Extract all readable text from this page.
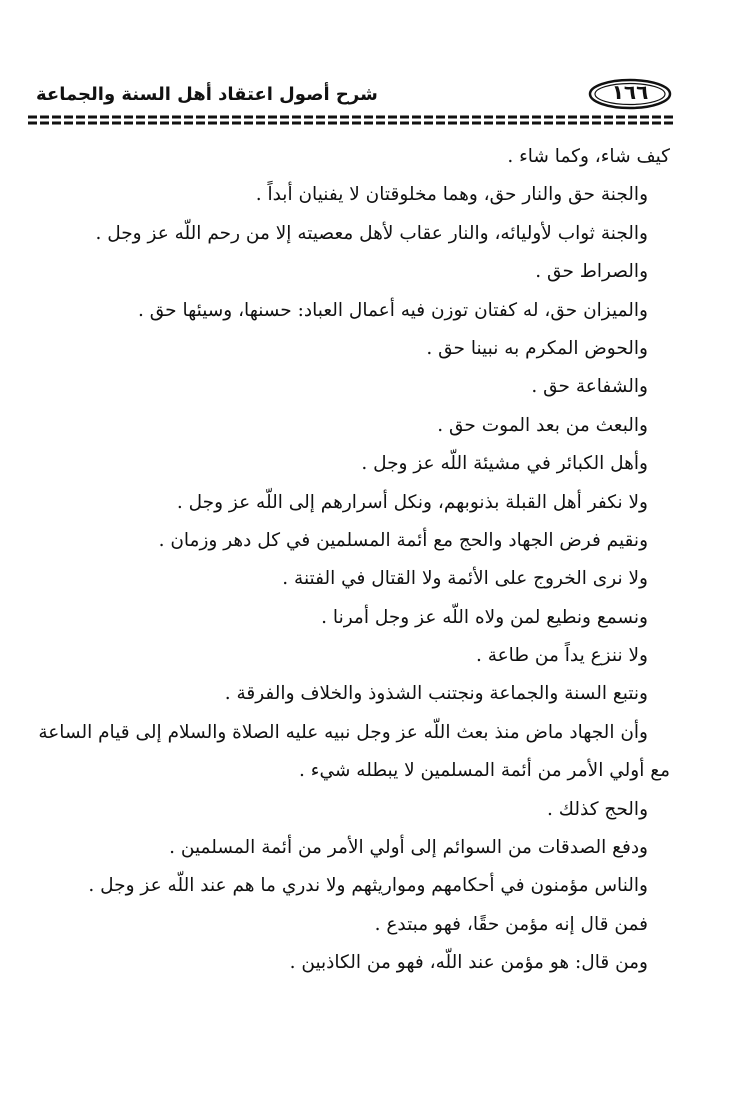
شرح أصول اعتقاد أهل السنة والجماعة	١٦٦
كيف شاء، وكما شاء .
والجنة حق والنار حق، وهما مخلوقتان لا يفنيان أبداً .
والجنة ثواب لأوليائه، والنار عقاب لأهل معصيته إلا من رحم اللّه عز وجل .
والصراط حق .
والميزان حق، له كفتان توزن فيه أعمال العباد: حسنها، وسيئها حق .
والحوض المكرم به نبينا حق .
والشفاعة حق .
والبعث من بعد الموت حق .
وأهل الكبائر في مشيئة اللّه عز وجل .
ولا نكفر أهل القبلة بذنوبهم، ونكل أسرارهم إلى اللّه عز وجل .
ونقيم فرض الجهاد والحج مع أئمة المسلمين في كل دهر وزمان .
ولا نرى الخروج على الأئمة ولا القتال في الفتنة .
ونسمع ونطيع لمن ولاه اللّه عز وجل أمرنا .
ولا ننزع يداً من طاعة .
ونتبع السنة والجماعة ونجتنب الشذوذ والخلاف والفرقة .
وأن الجهاد ماض منذ بعث اللّه عز وجل نبيه عليه الصلاة والسلام إلى قيام الساعة
مع أولي الأمر من أئمة المسلمين لا يبطله شيء .
والحج كذلك .
ودفع الصدقات من السوائم إلى أولي الأمر من أئمة المسلمين .
والناس مؤمنون في أحكامهم ومواريثهم ولا ندري ما هم عند اللّه عز وجل .
فمن قال إنه مؤمن حقًا، فهو مبتدع .
ومن قال: هو مؤمن عند اللّه، فهو من الكاذبين .
